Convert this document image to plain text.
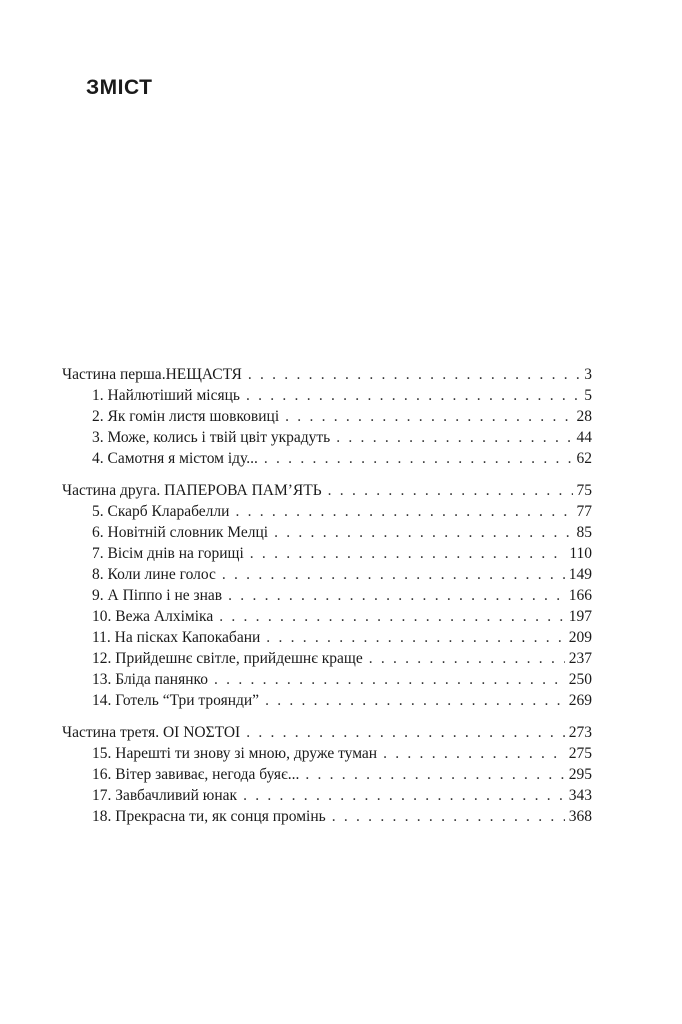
ЗМІСТ
Частина перша.НЕЩАСТЯ . . .	3
1. Найлютіший місяць . . .	5
2. Як гомін листя шовковиці . . .	28
3. Може, колись і твій цвіт украдуть . . .	44
4. Самотня я містом іду... . . .	62
Частина друга. ПАПЕРОВА ПАМ’ЯТЬ . . .	75
5. Скарб Кларабелли . . .	77
6. Новітній словник Мелці . . .	85
7. Вісім днів на горищі . . .	110
8. Коли лине голос . . .	149
9. А Піппо і не знав . . .	166
10. Вежа Алхіміка . . .	197
11. На пісках Капокабани . . .	209
12. Прийдешнє світле, прийдешнє краще . . .	237
13. Бліда панянко . . .	250
14. Готель “Три троянди” . . .	269
Частина третя. ΟΙ ΝΟΣΤΟΙ . . .	273
15. Нарешті ти знову зі мною, друже туман . . .	275
16. Вітер завиває, негода буяє... . . .	295
17. Завбачливий юнак . . .	343
18. Прекрасна ти, як сонця промінь . . .	368
